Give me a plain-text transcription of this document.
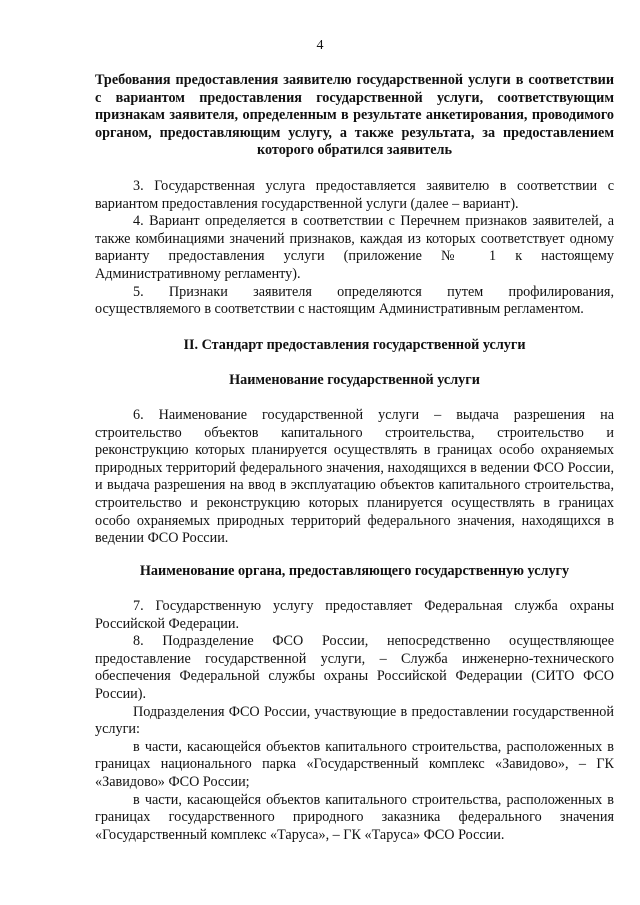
4

Требования предоставления заявителю государственной услуги в соответствии с вариантом предоставления государственной услуги, соответствующим признакам заявителя, определенным в результате анкетирования, проводимого органом, предоставляющим услугу, а также результата, за предоставлением которого обратился заявитель

3. Государственная услуга предоставляется заявителю в соответствии с вариантом предоставления государственной услуги (далее – вариант).

4. Вариант определяется в соответствии с Перечнем признаков заявителей, а также комбинациями значений признаков, каждая из которых соответствует одному варианту предоставления услуги (приложение № 1 к настоящему Административному регламенту).

5. Признаки заявителя определяются путем профилирования, осуществляемого в соответствии с настоящим Административным регламентом.

II. Стандарт предоставления государственной услуги

Наименование государственной услуги

6. Наименование государственной услуги – выдача разрешения на строительство объектов капитального строительства, строительство и реконструкцию которых планируется осуществлять в границах особо охраняемых природных территорий федерального значения, находящихся в ведении ФСО России, и выдача разрешения на ввод в эксплуатацию объектов капитального строительства, строительство и реконструкцию которых планируется осуществлять в границах особо охраняемых природных территорий федерального значения, находящихся в ведении ФСО России.

Наименование органа, предоставляющего государственную услугу

7. Государственную услугу предоставляет Федеральная служба охраны Российской Федерации.

8. Подразделение ФСО России, непосредственно осуществляющее предоставление государственной услуги, – Служба инженерно-технического обеспечения Федеральной службы охраны Российской Федерации (СИТО ФСО России).

Подразделения ФСО России, участвующие в предоставлении государственной услуги:

в части, касающейся объектов капитального строительства, расположенных в границах национального парка «Государственный комплекс «Завидово», – ГК «Завидово» ФСО России;

в части, касающейся объектов капитального строительства, расположенных в границах государственного природного заказника федерального значения «Государственный комплекс «Таруса», – ГК «Таруса» ФСО России.
